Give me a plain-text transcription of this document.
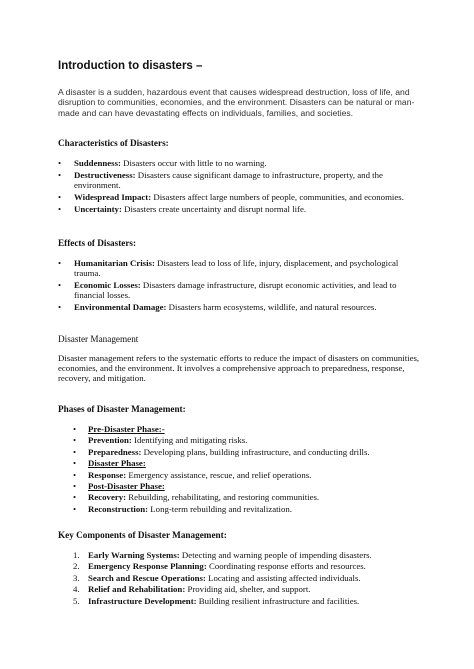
Introduction to disasters –
A disaster is a sudden, hazardous event that causes widespread destruction, loss of life, and disruption to communities, economies, and the environment. Disasters can be natural or man- made and can have devastating effects on individuals, families, and societies.
Characteristics of Disasters:
• Suddenness: Disasters occur with little to no warning.
• Destructiveness: Disasters cause significant damage to infrastructure, property, and the environment.
• Widespread Impact: Disasters affect large numbers of people, communities, and economies.
• Uncertainty: Disasters create uncertainty and disrupt normal life.
Effects of Disasters:
• Humanitarian Crisis: Disasters lead to loss of life, injury, displacement, and psychological trauma.
• Economic Losses: Disasters damage infrastructure, disrupt economic activities, and lead to financial losses.
• Environmental Damage: Disasters harm ecosystems, wildlife, and natural resources.
Disaster Management
Disaster management refers to the systematic efforts to reduce the impact of disasters on communities, economies, and the environment. It involves a comprehensive approach to preparedness, response, recovery, and mitigation.
Phases of Disaster Management:
• Pre-Disaster Phase:-
• Prevention: Identifying and mitigating risks.
• Preparedness: Developing plans, building infrastructure, and conducting drills.
• Disaster Phase:
• Response: Emergency assistance, rescue, and relief operations.
• Post-Disaster Phase:
• Recovery: Rebuilding, rehabilitating, and restoring communities.
• Reconstruction: Long-term rebuilding and revitalization.
Key Components of Disaster Management:
1. Early Warning Systems: Detecting and warning people of impending disasters.
2. Emergency Response Planning: Coordinating response efforts and resources.
3. Search and Rescue Operations: Locating and assisting affected individuals.
4. Relief and Rehabilitation: Providing aid, shelter, and support.
5. Infrastructure Development: Building resilient infrastructure and facilities.
